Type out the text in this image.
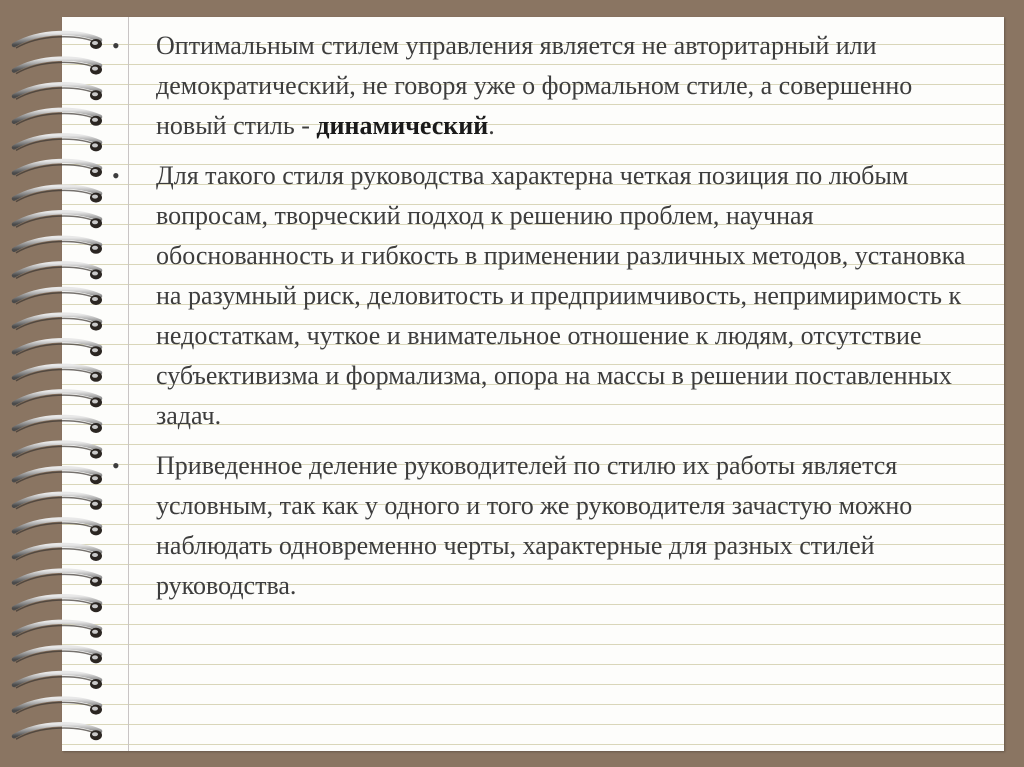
• Оптимальным стилем управления является не авторитарный или демократический, не говоря уже о формальном стиле, а совершенно новый стиль - динамический.

• Для такого стиля руководства характерна четкая позиция по любым вопросам, творческий подход к решению проблем, научная обоснованность и гибкость в применении различных методов, установка на разумный риск, деловитость и предприимчивость, непримиримость к недостаткам, чуткое и внимательное отношение к людям, отсутствие субъективизма и формализма, опора на массы в решении поставленных задач.

• Приведенное деление руководителей по стилю их работы является условным, так как у одного и того же руководителя зачастую можно наблюдать одновременно черты, характерные для разных стилей руководства.
